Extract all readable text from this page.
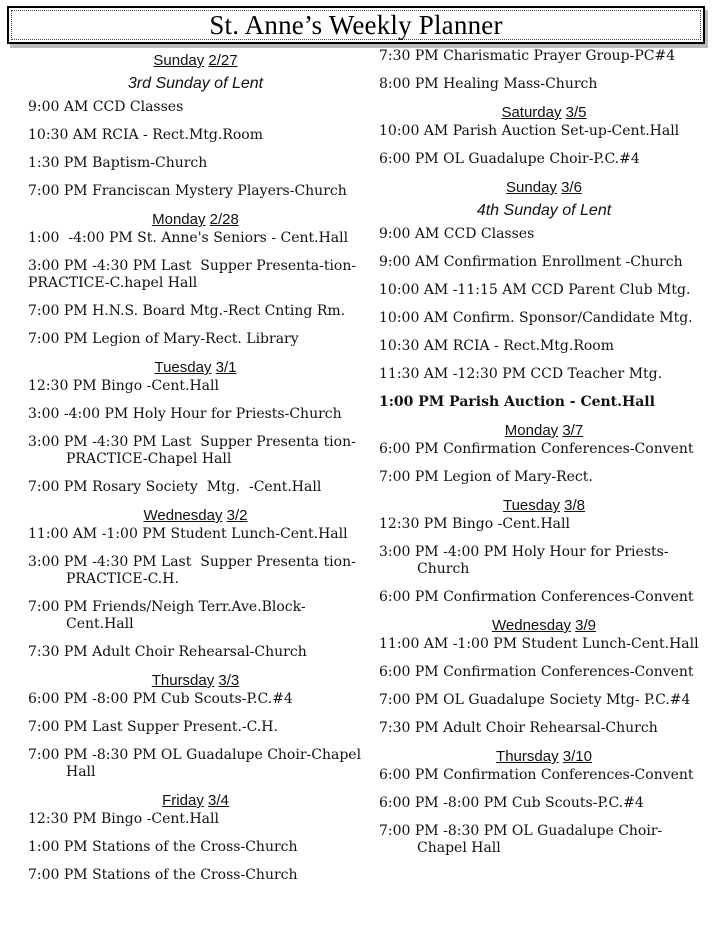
St. Anne’s Weekly Planner
Sunday 2/27
3rd Sunday of Lent
9:00 AM CCD Classes
10:30 AM RCIA - Rect.Mtg.Room
1:30 PM Baptism-Church
7:00 PM Franciscan Mystery Players-Church
Monday 2/28
1:00  -4:00 PM St. Anne's Seniors - Cent.Hall
3:00 PM -4:30 PM Last  Supper Presenta-tion-PRACTICE-C.hapel Hall
7:00 PM H.N.S. Board Mtg.-Rect Cnting Rm.
7:00 PM Legion of Mary-Rect. Library
Tuesday 3/1
12:30 PM Bingo -Cent.Hall
3:00 -4:00 PM Holy Hour for Priests-Church
3:00 PM -4:30 PM Last  Supper Presenta tion-PRACTICE-Chapel Hall
7:00 PM Rosary Society  Mtg.  -Cent.Hall
Wednesday 3/2
11:00 AM -1:00 PM Student Lunch-Cent.Hall
3:00 PM -4:30 PM Last  Supper Presenta tion-PRACTICE-C.H.
7:00 PM Friends/Neigh Terr.Ave.Block-Cent.Hall
7:30 PM Adult Choir Rehearsal-Church
Thursday 3/3
6:00 PM -8:00 PM Cub Scouts-P.C.#4
7:00 PM Last Supper Present.-C.H.
7:00 PM -8:30 PM OL Guadalupe Choir-Chapel Hall
Friday 3/4
12:30 PM Bingo -Cent.Hall
1:00 PM Stations of the Cross-Church
7:00 PM Stations of the Cross-Church
7:30 PM Charismatic Prayer Group-PC#4
8:00 PM Healing Mass-Church
Saturday 3/5
10:00 AM Parish Auction Set-up-Cent.Hall
6:00 PM OL Guadalupe Choir-P.C.#4
Sunday 3/6
4th Sunday of Lent
9:00 AM CCD Classes
9:00 AM Confirmation Enrollment -Church
10:00 AM -11:15 AM CCD Parent Club Mtg.
10:00 AM Confirm. Sponsor/Candidate Mtg.
10:30 AM RCIA - Rect.Mtg.Room
11:30 AM -12:30 PM CCD Teacher Mtg.
1:00 PM Parish Auction - Cent.Hall
Monday 3/7
6:00 PM Confirmation Conferences-Convent
7:00 PM Legion of Mary-Rect.
Tuesday 3/8
12:30 PM Bingo -Cent.Hall
3:00 PM -4:00 PM Holy Hour for Priests-Church
6:00 PM Confirmation Conferences-Convent
Wednesday 3/9
11:00 AM -1:00 PM Student Lunch-Cent.Hall
6:00 PM Confirmation Conferences-Convent
7:00 PM OL Guadalupe Society Mtg- P.C.#4
7:30 PM Adult Choir Rehearsal-Church
Thursday 3/10
6:00 PM Confirmation Conferences-Convent
6:00 PM -8:00 PM Cub Scouts-P.C.#4
7:00 PM -8:30 PM OL Guadalupe Choir-Chapel Hall
